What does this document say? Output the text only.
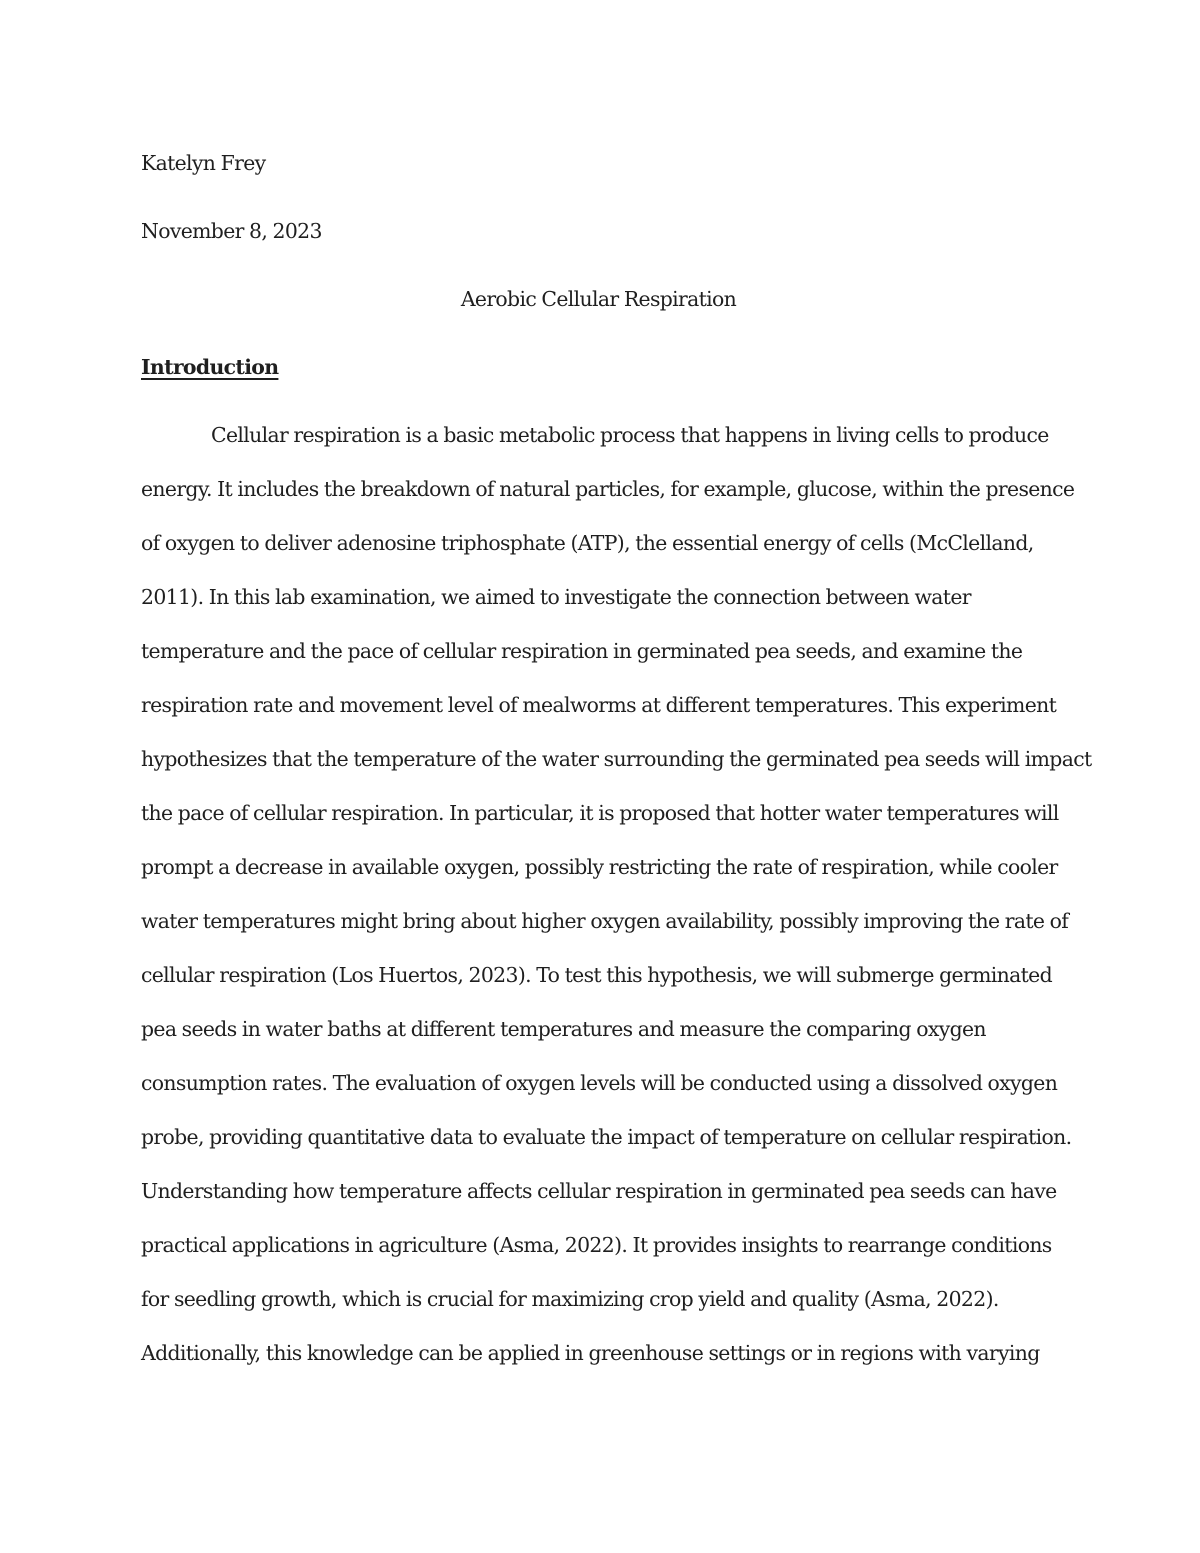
Katelyn Frey
November 8, 2023
Aerobic Cellular Respiration
Introduction
Cellular respiration is a basic metabolic process that happens in living cells to produce
energy. It includes the breakdown of natural particles, for example, glucose, within the presence
of oxygen to deliver adenosine triphosphate (ATP), the essential energy of cells (McClelland,
2011). In this lab examination, we aimed to investigate the connection between water
temperature and the pace of cellular respiration in germinated pea seeds, and examine the
respiration rate and movement level of mealworms at different temperatures. This experiment
hypothesizes that the temperature of the water surrounding the germinated pea seeds will impact
the pace of cellular respiration. In particular, it is proposed that hotter water temperatures will
prompt a decrease in available oxygen, possibly restricting the rate of respiration, while cooler
water temperatures might bring about higher oxygen availability, possibly improving the rate of
cellular respiration (Los Huertos, 2023). To test this hypothesis, we will submerge germinated
pea seeds in water baths at different temperatures and measure the comparing oxygen
consumption rates. The evaluation of oxygen levels will be conducted using a dissolved oxygen
probe, providing quantitative data to evaluate the impact of temperature on cellular respiration.
Understanding how temperature affects cellular respiration in germinated pea seeds can have
practical applications in agriculture (Asma, 2022). It provides insights to rearrange conditions
for seedling growth, which is crucial for maximizing crop yield and quality (Asma, 2022).
Additionally, this knowledge can be applied in greenhouse settings or in regions with varying
